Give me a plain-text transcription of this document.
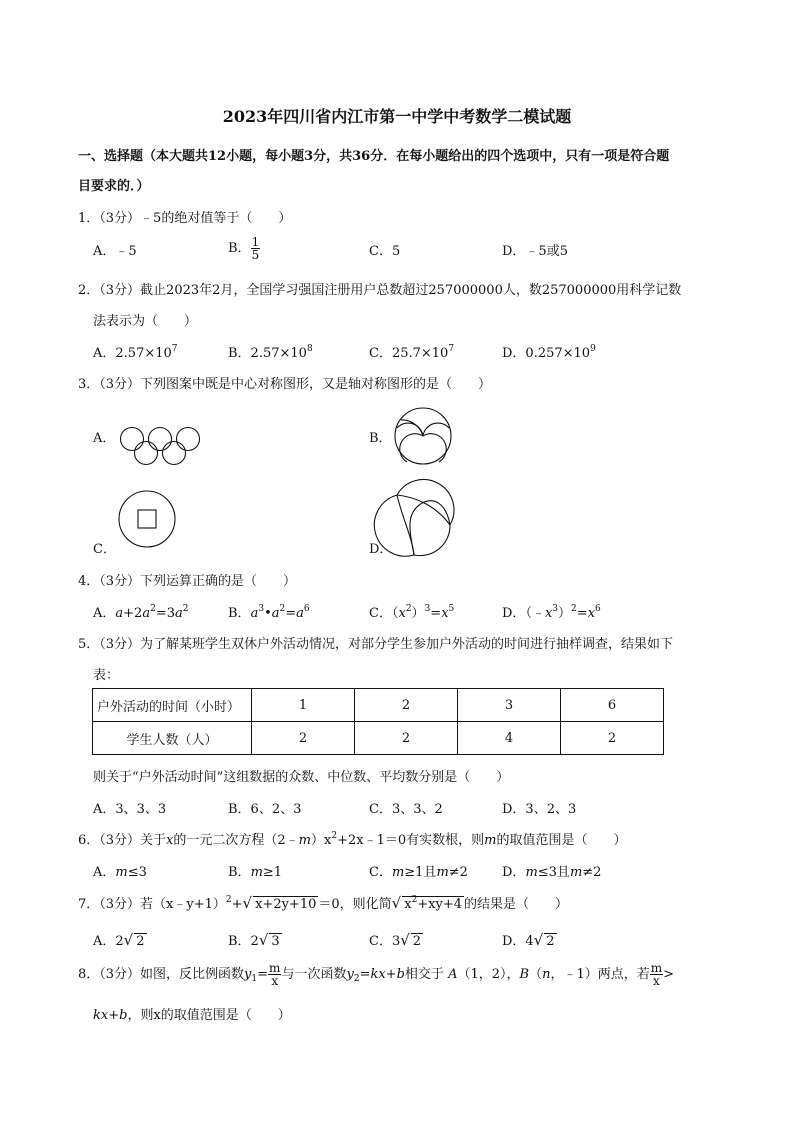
2023年四川省内江市第一中学中考数学二模试题
一、选择题（本大题共12小题，每小题3分，共36分．在每小题给出的四个选项中，只有一项是符合题
目要求的．）
1．（3分）﹣5的绝对值等于（　　）
A．﹣5	B． $\frac{1}{5}$	C．5	D．﹣5或5
2．（3分）截止2023年2月，全国学习强国注册用户总数超过257000000人，数257000000用科学记数
法表示为（　　）
A．$2.57\times 10^7$	B．$2.57\times 10^8$	C．$25.7\times 10^7$	D．$0.257\times 10^9$
3．（3分）下列图案中既是中心对称图形，又是轴对称图形的是（　　）
A．	B．
C．	D．
4．（3分）下列运算正确的是（　　）
A．$a+2a^2=3a^2$	B．$a^3•a^2=a^6$	C．$(x^2)^3=x^5$	D．$(﹣x^3)^2=x^6$
5．（3分）为了解某班学生双休户外活动情况，对部分学生参加户外活动的时间进行抽样调查，结果如下
表：
户外活动的时间（小时）	1	2	3	6
学生人数（人）	2	2	4	2
则关于“户外活动时间”这组数据的众数、中位数、平均数分别是（　　）
A．3、3、3	B．6、2、3	C．3、3、2	D．3、2、3
6．（3分）关于x的一元二次方程$(2﹣m)x^2+2x﹣1=0$有实数根，则m的取值范围是（　　）
A．m≤3	B．m≥1	C．m≥1且m≠2	D．m≤3且m≠2
7．（3分）若（x﹣y+1）$^2$+√ x+2y+10 ＝0，则化简√ $x^2+xy+4$ 的结果是（　　）
A．2√ 2	B．2√ 3	C．3√ 2	D．4√ 2
8．（3分）如图，反比例函数$y_1= \frac{m}{x}$ 与一次函数$y_2=kx+b$相交于 A（1，2），B（n，﹣1）两点，若 $\frac{m}{x}$ >
kx+b，则x的取值范围是（　　）
